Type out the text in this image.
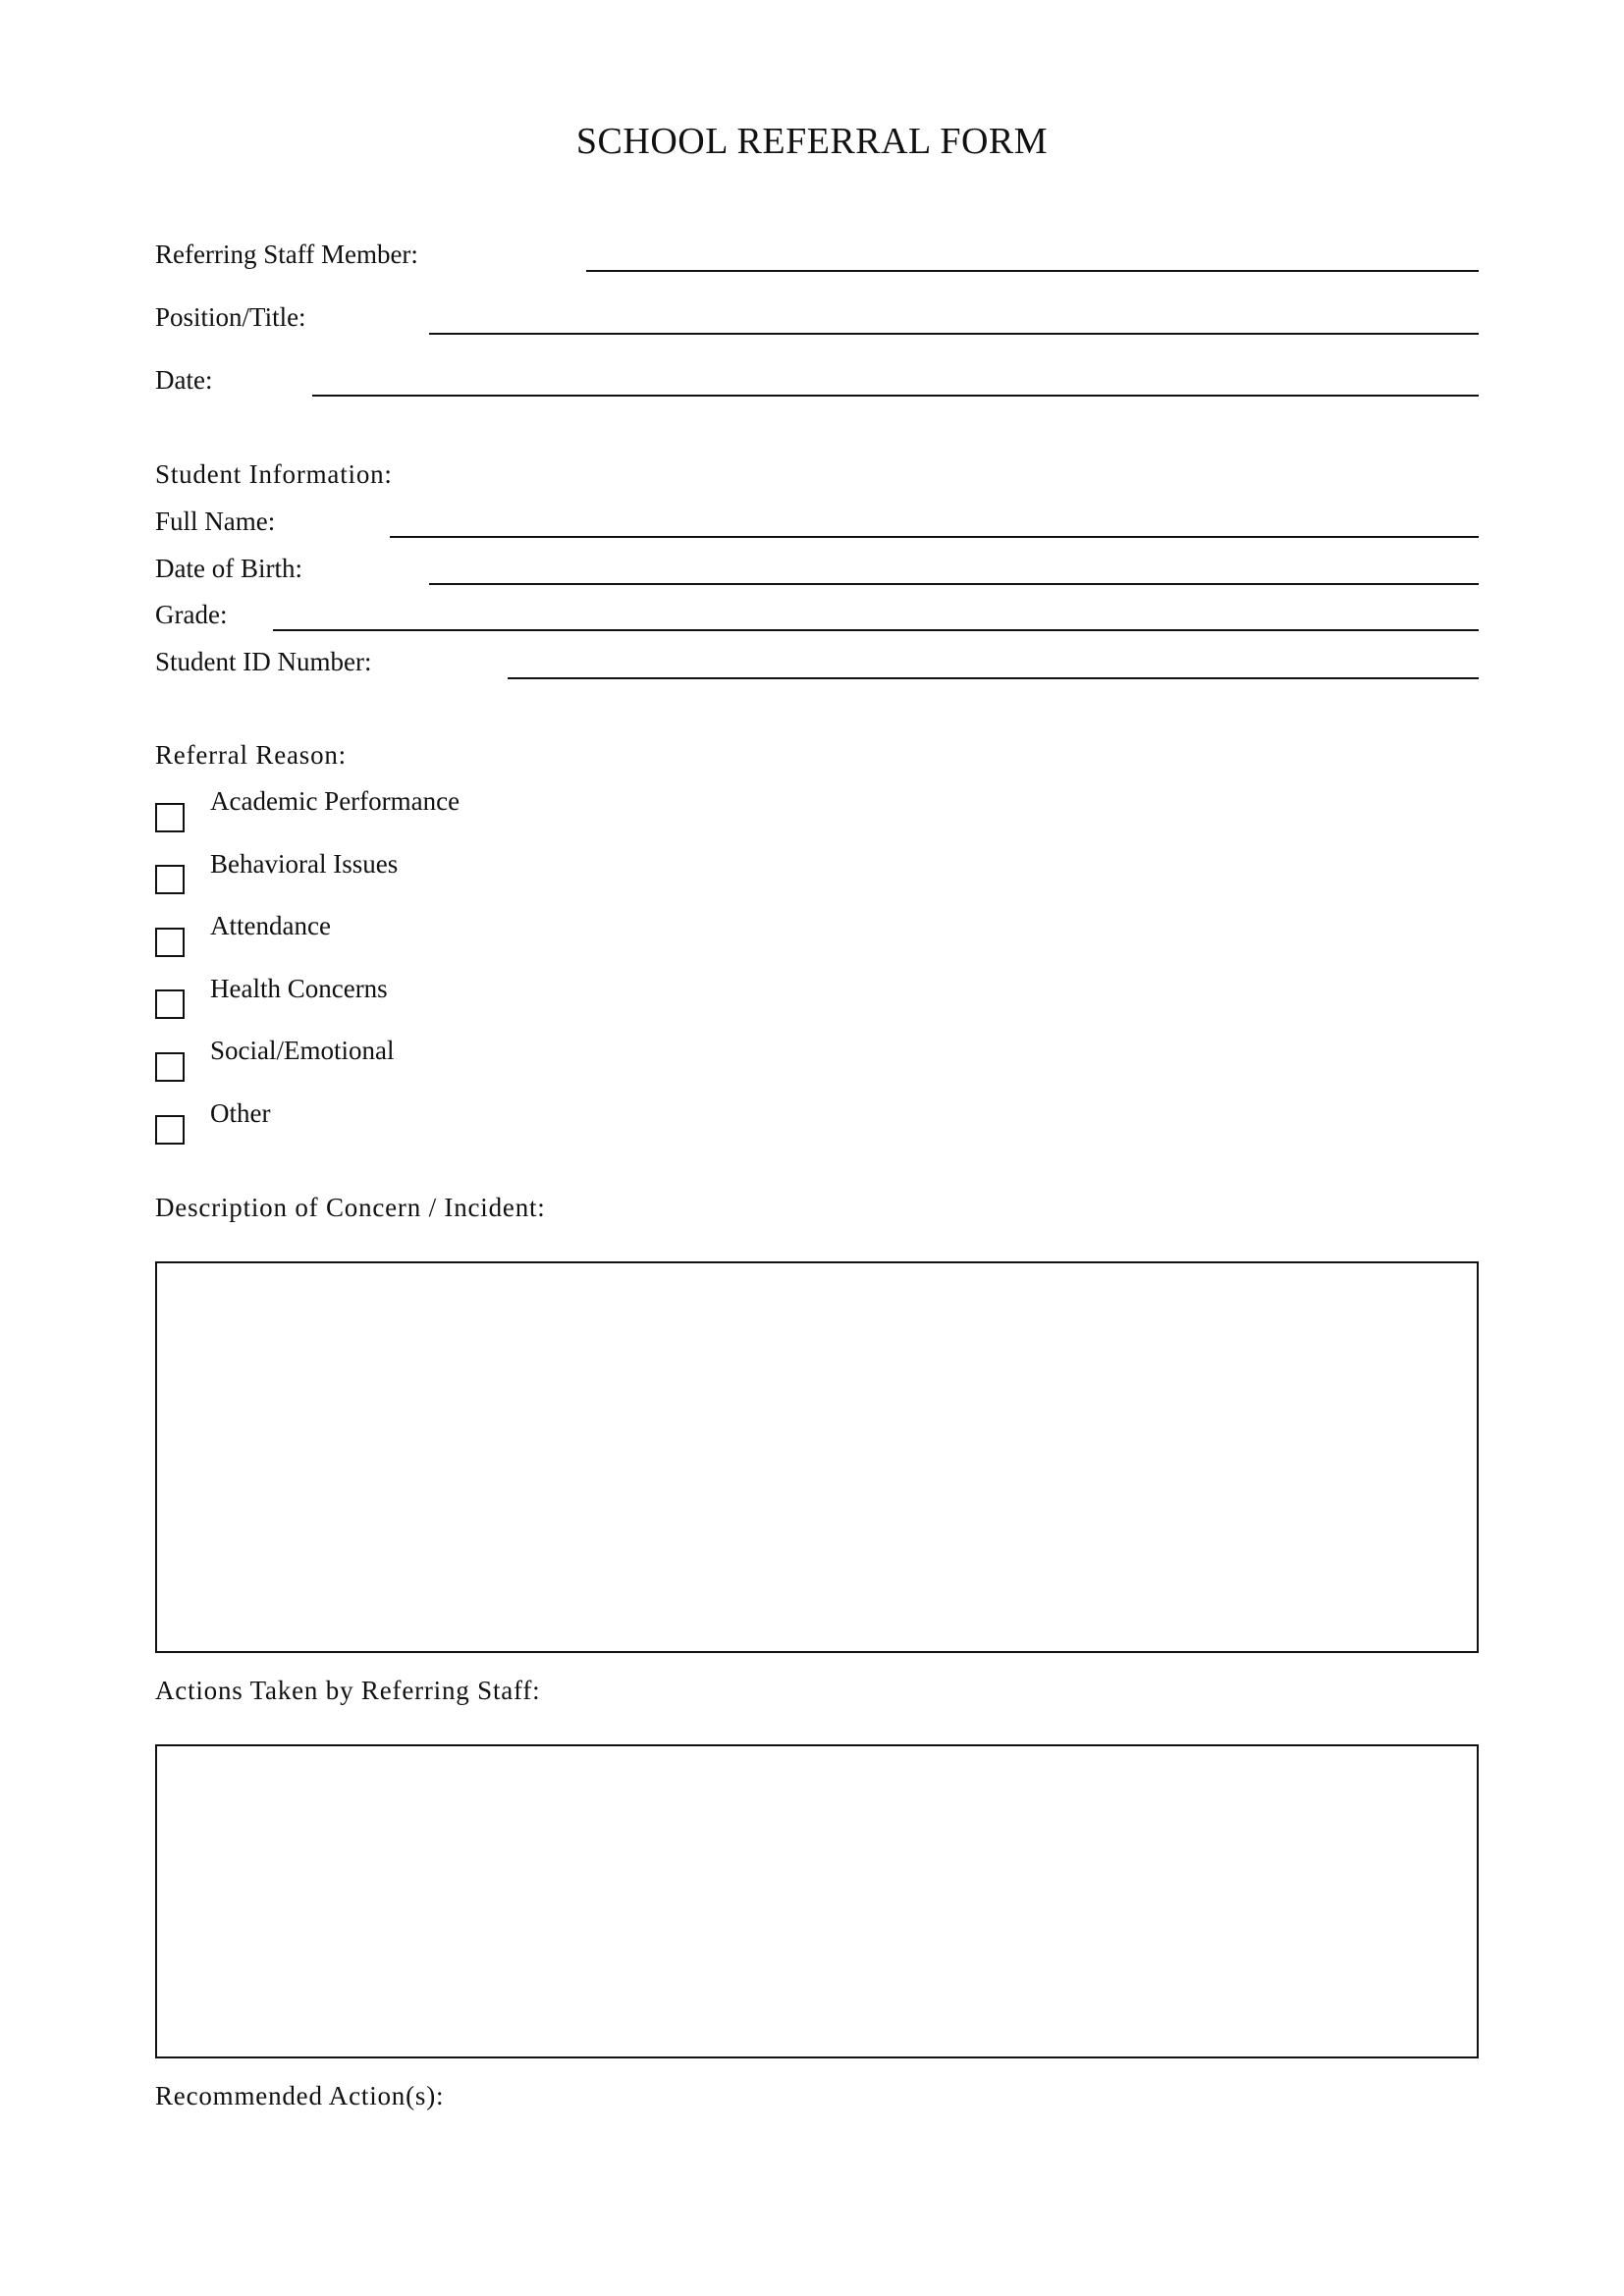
SCHOOL REFERRAL FORM
Referring Staff Member:
Position/Title:
Date:
Student Information:
Full Name:
Date of Birth:
Grade:
Student ID Number:
Referral Reason:
Academic Performance
Behavioral Issues
Attendance
Health Concerns
Social/Emotional
Other
Description of Concern / Incident:
Actions Taken by Referring Staff:
Recommended Action(s):
